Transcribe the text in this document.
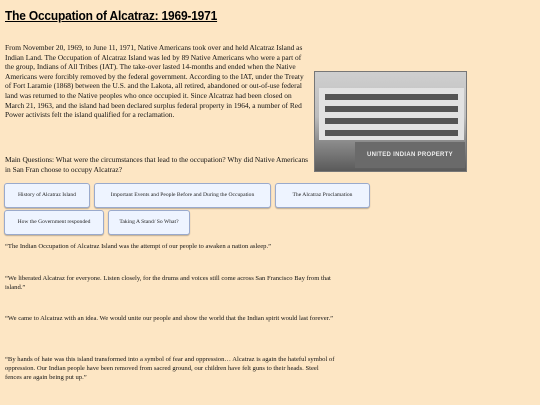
The Occupation of Alcatraz: 1969-1971
From November 20, 1969, to June 11, 1971, Native Americans took over and held Alcatraz Island as Indian Land. The Occupation of Alcatraz Island was led by 89 Native Americans who were a part of the group, Indians of All Tribes (IAT). The take-over lasted 14-months and ended when the Native Americans were forcibly removed by the federal government. According to the IAT, under the Treaty of Fort Laramie (1868) between the U.S. and the Lakota, all retired, abandoned or out-of-use federal land was returned to the Native peoples who once occupied it. Since Alcatraz had been closed on March 21, 1963, and the island had been declared surplus federal property in 1964, a number of Red Power activists felt the island qualified for a reclamation.
UNITED INDIAN PROPERTY
Main Questions: What were the circumstances that lead to the occupation? Why did Native Americans in San Fran choose to occupy Alcatraz?
History of Alcatraz Island	Important Events and People Before and During the Occupation	The Alcatraz Proclamation
How the Government responded	Taking A Stand/ So What?
“The Indian Occupation of Alcatraz Island was the attempt of our people to awaken a nation asleep.”
“We liberated Alcatraz for everyone. Listen closely, for the drums and voices still come across San Francisco Bay from that island.”
“We came to Alcatraz with an idea. We would unite our people and show the world that the Indian spirit would last forever.”
“By hands of hate was this island transformed into a symbol of fear and oppression… Alcatraz is again the hateful symbol of oppression. Our Indian people have been removed from sacred ground, our children have felt guns to their heads. Steel fences are again being put up.”
